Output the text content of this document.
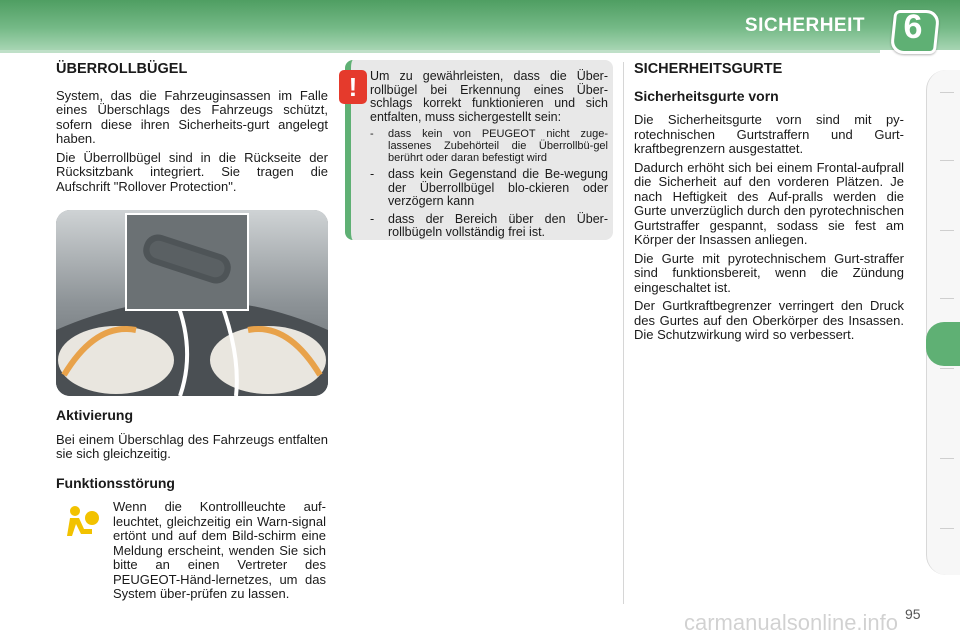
SICHERHEIT 6
ÜBERROLLBÜGEL
System, das die Fahrzeuginsassen im Falle eines Überschlags des Fahrzeugs schützt, sofern diese ihren Sicherheits-gurt angelegt haben.
Die Überrollbügel sind in die Rückseite der Rücksitzbank integriert. Sie tragen die Aufschrift "Rollover Protection".
Aktivierung
Bei einem Überschlag des Fahrzeugs entfalten sie sich gleichzeitig.
Funktionsstörung
Wenn die Kontrollleuchte auf-leuchtet, gleichzeitig ein Warn-signal ertönt und auf dem Bild-schirm eine Meldung erscheint, wenden Sie sich bitte an einen Vertreter des PEUGEOT-Händ-lernetzes, um das System über-prüfen zu lassen.
!	Um zu gewährleisten, dass die Über-rollbügel bei Erkennung eines Über-schlags korrekt funktionieren und sich entfalten, muss sichergestellt sein:
-	dass kein von PEUGEOT nicht zuge-lassenes Zubehörteil die Überrollbü-gel berührt oder daran befestigt wird
-	dass kein Gegenstand die Be-wegung der Überrollbügel blo-ckieren oder verzögern kann
-	dass der Bereich über den Über-rollbügeln vollständig frei ist.
SICHERHEITSGURTE
Sicherheitsgurte vorn
Die Sicherheitsgurte vorn sind mit py-rotechnischen Gurtstraffern und Gurt-kraftbegrenzern ausgestattet.
Dadurch erhöht sich bei einem Frontal-aufprall die Sicherheit auf den vorderen Plätzen. Je nach Heftigkeit des Auf-pralls werden die Gurte unverzüglich durch den pyrotechnischen Gurtstraffer gespannt, sodass sie fest am Körper der Insassen anliegen.
Die Gurte mit pyrotechnischem Gurt-straffer sind funktionsbereit, wenn die Zündung eingeschaltet ist.
Der Gurtkraftbegrenzer verringert den Druck des Gurtes auf den Oberkörper des Insassen. Die Schutzwirkung wird so verbessert.
95
carmanualsonline.info
